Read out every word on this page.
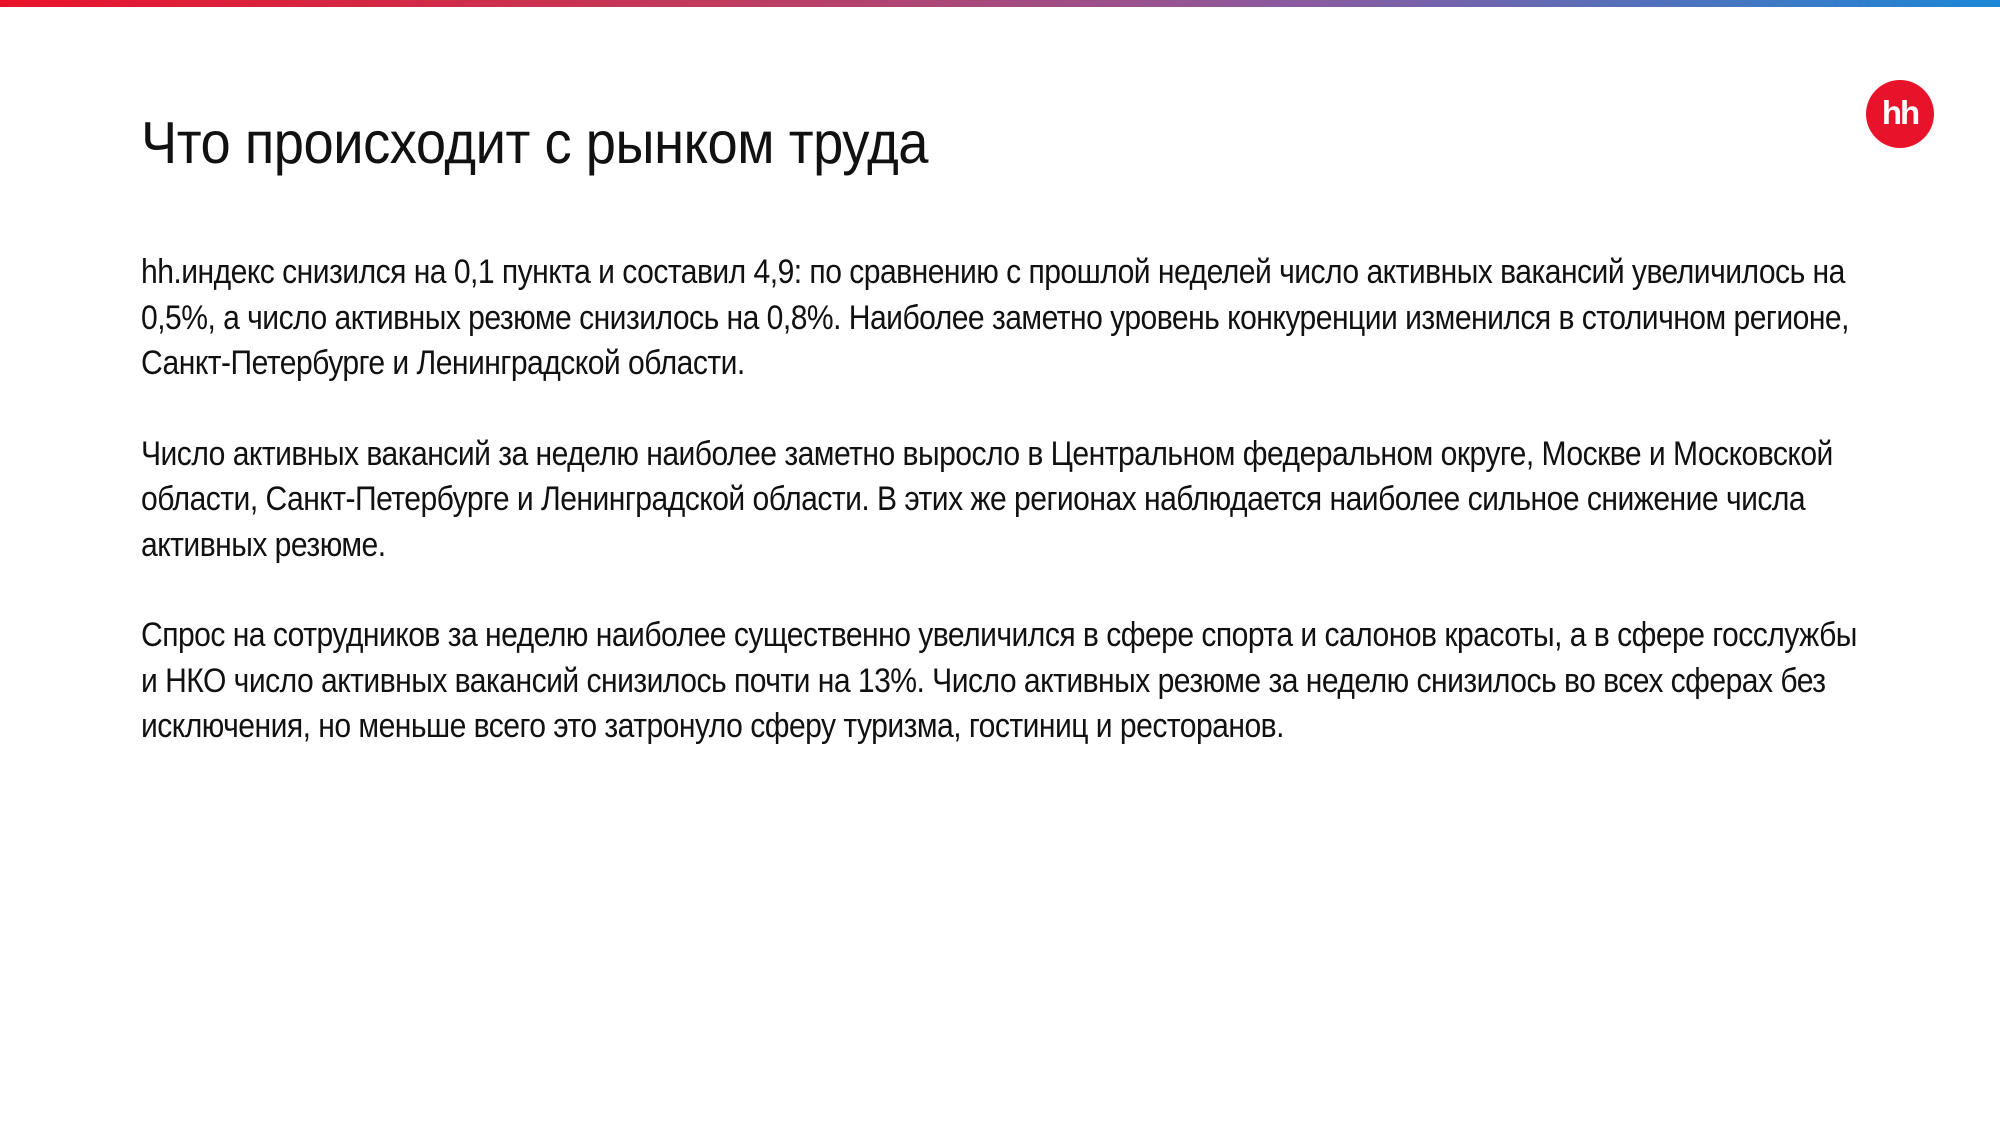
Что происходит с рынком труда	hh

hh.индекс снизился на 0,1 пункта и составил 4,9: по сравнению с прошлой неделей число активных вакансий увеличилось на 0,5%, а число активных резюме снизилось на 0,8%. Наиболее заметно уровень конкуренции изменился в столичном регионе, Санкт-Петербурге и Ленинградской области.

Число активных вакансий за неделю наиболее заметно выросло в Центральном федеральном округе, Москве и Московской области, Санкт-Петербурге и Ленинградской области. В этих же регионах наблюдается наиболее сильное снижение числа активных резюме.

Спрос на сотрудников за неделю наиболее существенно увеличился в сфере спорта и салонов красоты, а в сфере госслужбы и НКО число активных вакансий снизилось почти на 13%. Число активных резюме за неделю снизилось во всех сферах без исключения, но меньше всего это затронуло сферу туризма, гостиниц и ресторанов.
